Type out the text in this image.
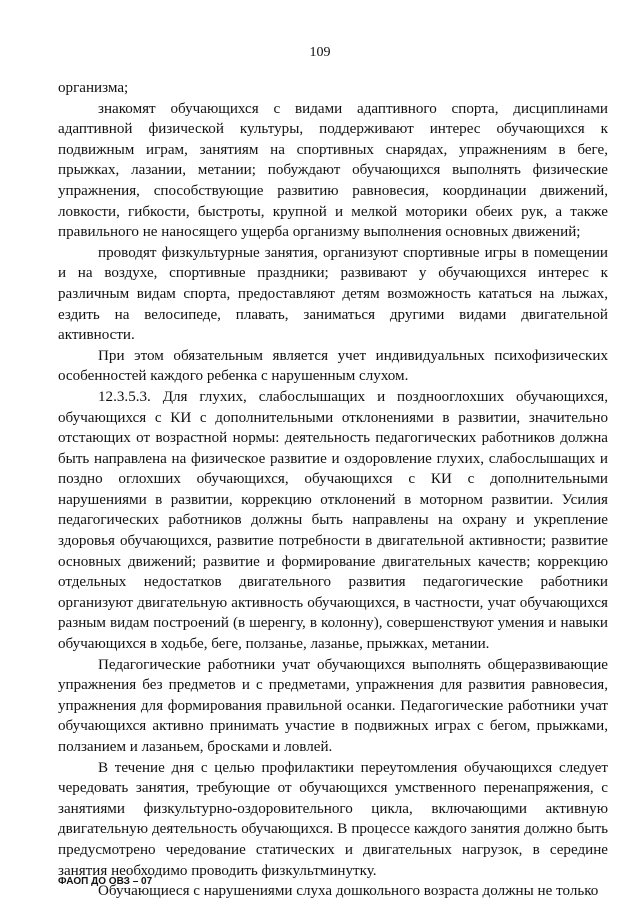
109

организма;

знакомят обучающихся с видами адаптивного спорта, дисциплинами адаптивной физической культуры, поддерживают интерес обучающихся к подвижным играм, занятиям на спортивных снарядах, упражнениям в беге, прыжках, лазании, метании; побуждают обучающихся выполнять физические упражнения, способствующие развитию равновесия, координации движений, ловкости, гибкости, быстроты, крупной и мелкой моторики обеих рук, а также правильного не наносящего ущерба организму выполнения основных движений;

проводят физкультурные занятия, организуют спортивные игры в помещении и на воздухе, спортивные праздники; развивают у обучающихся интерес к различным видам спорта, предоставляют детям возможность кататься на лыжах, ездить на велосипеде, плавать, заниматься другими видами двигательной активности.

При этом обязательным является учет индивидуальных психофизических особенностей каждого ребенка с нарушенным слухом.

12.3.5.3. Для глухих, слабослышащих и позднооглохших обучающихся, обучающихся с КИ с дополнительными отклонениями в развитии, значительно отстающих от возрастной нормы: деятельность педагогических работников должна быть направлена на физическое развитие и оздоровление глухих, слабослышащих и поздно оглохших обучающихся, обучающихся с КИ с дополнительными нарушениями в развитии, коррекцию отклонений в моторном развитии. Усилия педагогических работников должны быть направлены на охрану и укрепление здоровья обучающихся, развитие потребности в двигательной активности; развитие основных движений; развитие и формирование двигательных качеств; коррекцию отдельных недостатков двигательного развития педагогические работники организуют двигательную активность обучающихся, в частности, учат обучающихся разным видам построений (в шеренгу, в колонну), совершенствуют умения и навыки обучающихся в ходьбе, беге, ползанье, лазанье, прыжках, метании.

Педагогические работники учат обучающихся выполнять общеразвивающие упражнения без предметов и с предметами, упражнения для развития равновесия, упражнения для формирования правильной осанки. Педагогические работники учат обучающихся активно принимать участие в подвижных играх с бегом, прыжками, ползанием и лазаньем, бросками и ловлей.

В течение дня с целью профилактики переутомления обучающихся следует чередовать занятия, требующие от обучающихся умственного перенапряжения, с занятиями физкультурно-оздоровительного цикла, включающими активную двигательную деятельность обучающихся. В процессе каждого занятия должно быть предусмотрено чередование статических и двигательных нагрузок, в середине занятия необходимо проводить физкультминутку.

Обучающиеся с нарушениями слуха дошкольного возраста должны не только

ФАОП ДО ОВЗ – 07
